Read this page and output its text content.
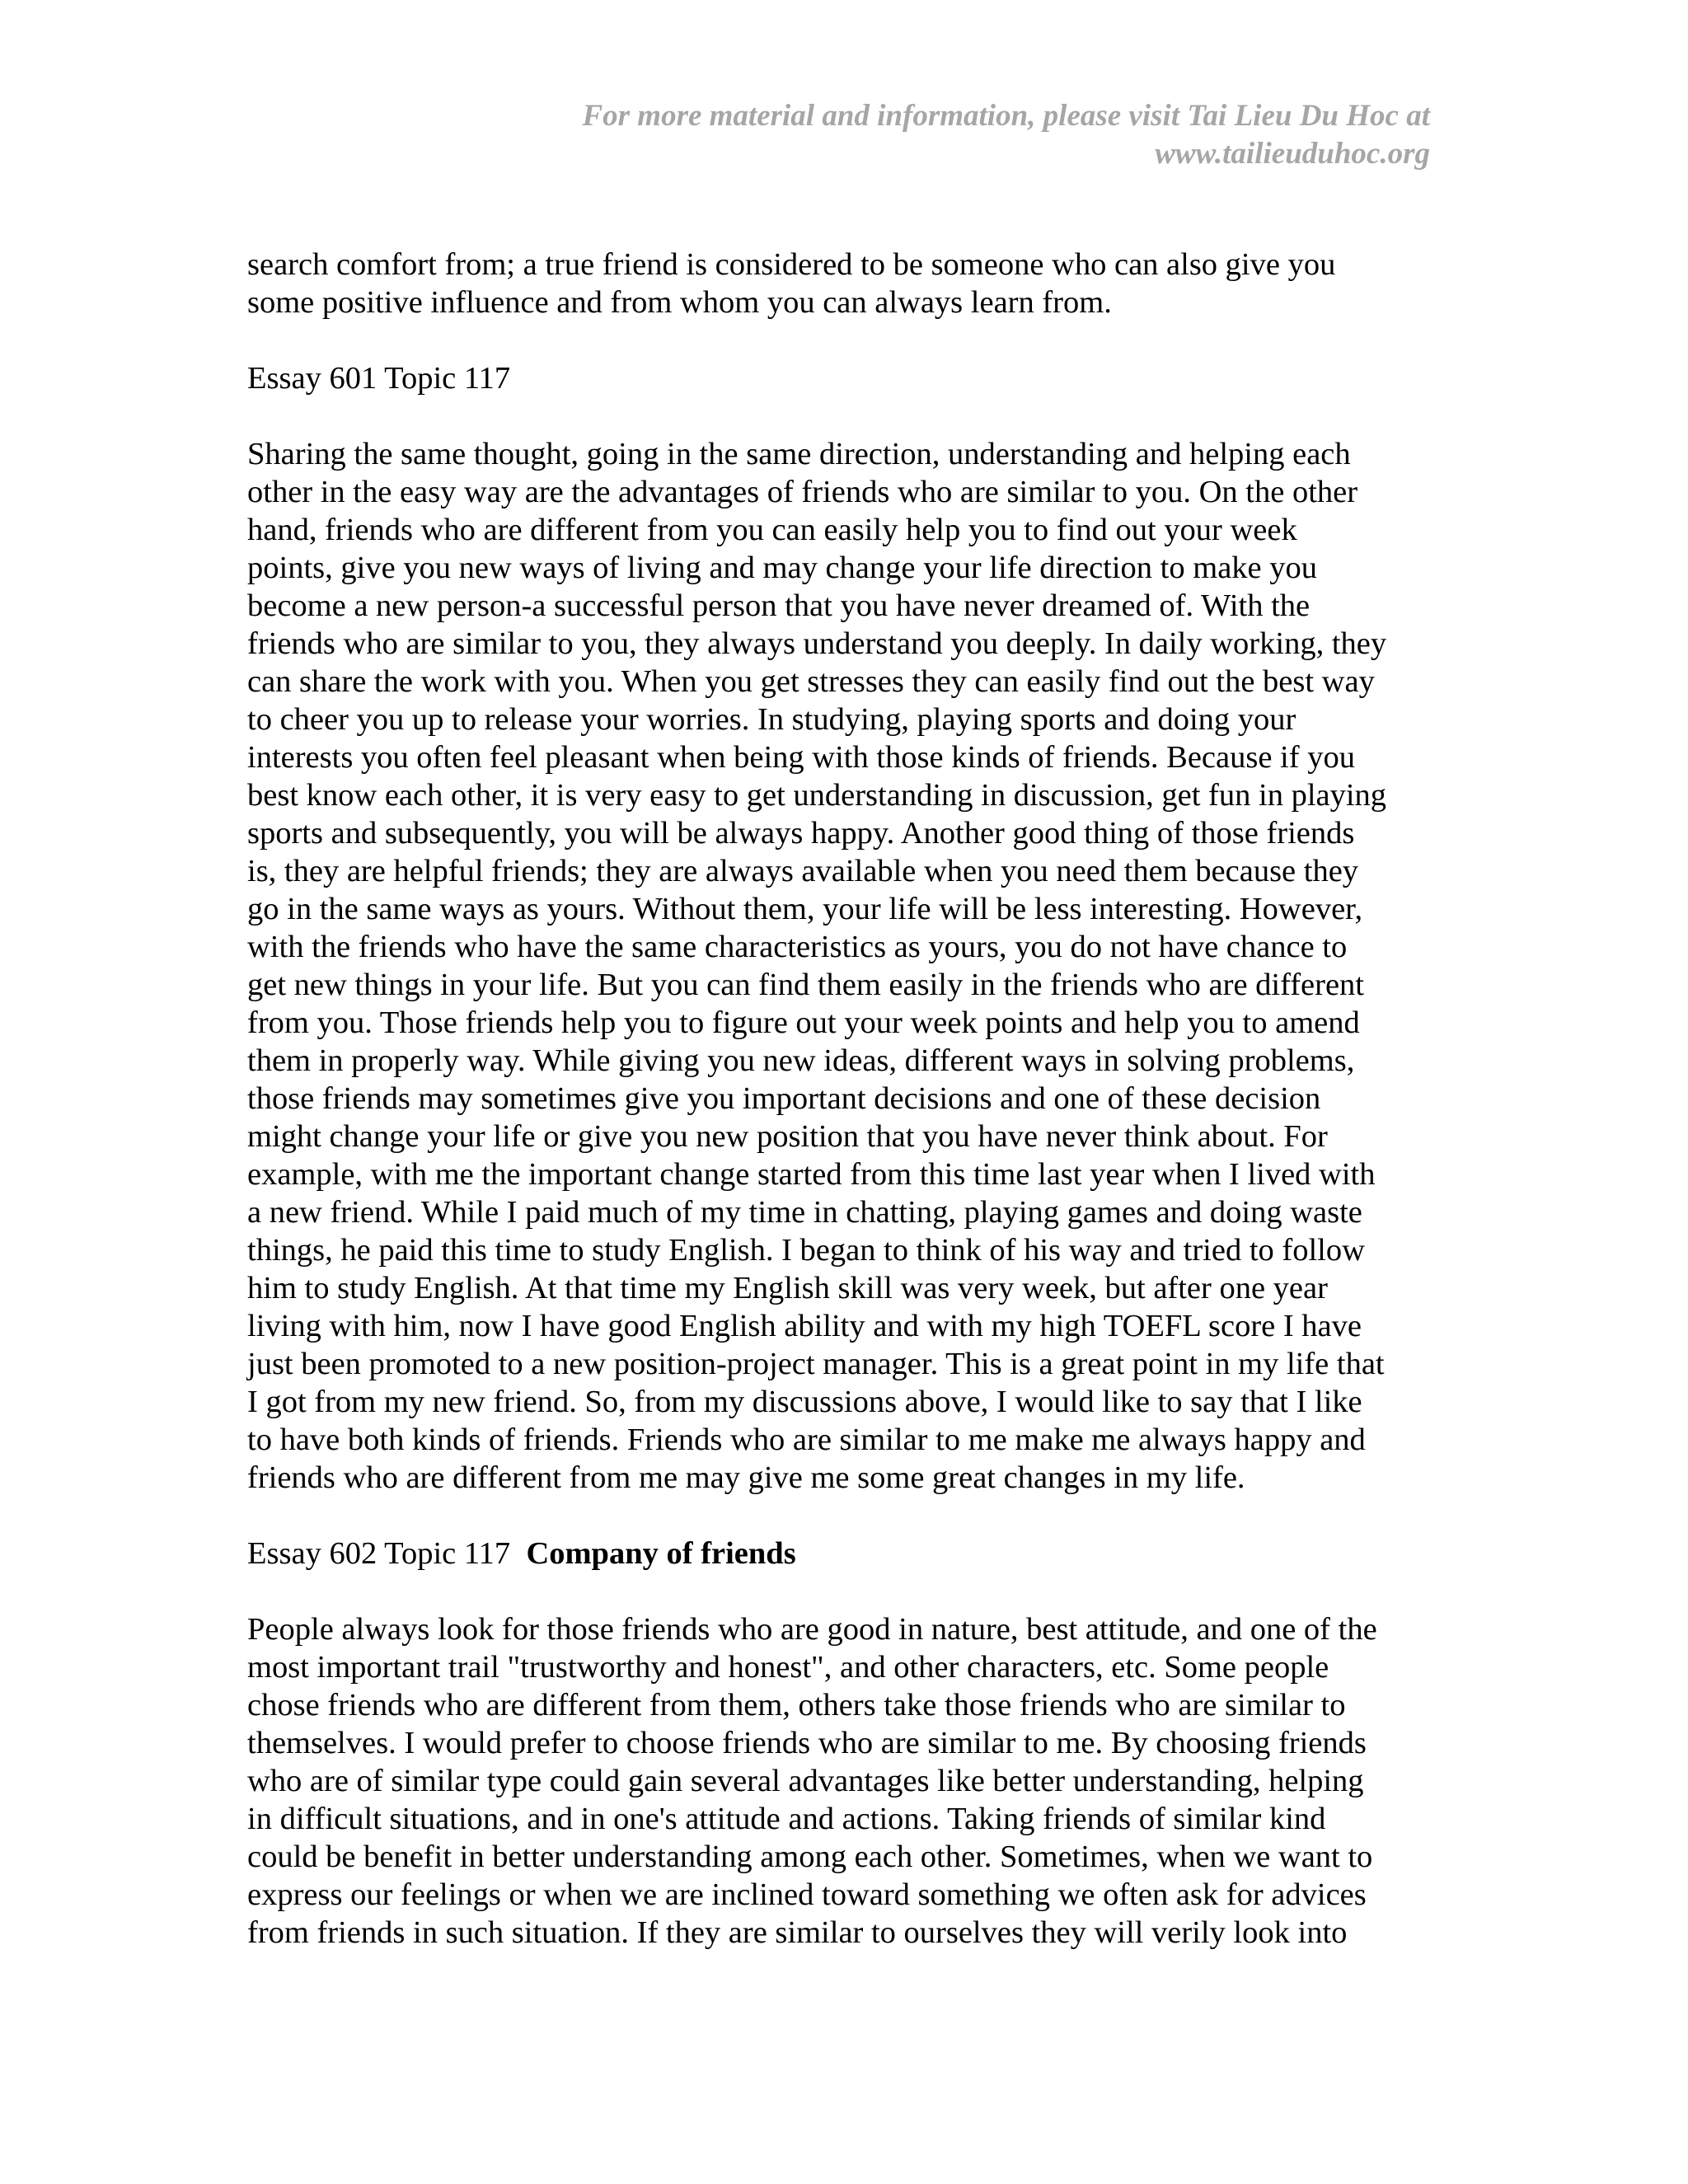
For more material and information, please visit Tai Lieu Du Hoc at
www.tailieuduhoc.org
search comfort from; a true friend is considered to be someone who can also give you
some positive influence and from whom you can always learn from.
Essay 601 Topic 117
Sharing the same thought, going in the same direction, understanding and helping each
other in the easy way are the advantages of friends who are similar to you. On the other
hand, friends who are different from you can easily help you to find out your week
points, give you new ways of living and may change your life direction to make you
become a new person-a successful person that you have never dreamed of. With the
friends who are similar to you, they always understand you deeply. In daily working, they
can share the work with you. When you get stresses they can easily find out the best way
to cheer you up to release your worries. In studying, playing sports and doing your
interests you often feel pleasant when being with those kinds of friends. Because if you
best know each other, it is very easy to get understanding in discussion, get fun in playing
sports and subsequently, you will be always happy. Another good thing of those friends
is, they are helpful friends; they are always available when you need them because they
go in the same ways as yours. Without them, your life will be less interesting. However,
with the friends who have the same characteristics as yours, you do not have chance to
get new things in your life. But you can find them easily in the friends who are different
from you. Those friends help you to figure out your week points and help you to amend
them in properly way. While giving you new ideas, different ways in solving problems,
those friends may sometimes give you important decisions and one of these decision
might change your life or give you new position that you have never think about. For
example, with me the important change started from this time last year when I lived with
a new friend. While I paid much of my time in chatting, playing games and doing waste
things, he paid this time to study English. I began to think of his way and tried to follow
him to study English. At that time my English skill was very week, but after one year
living with him, now I have good English ability and with my high TOEFL score I have
just been promoted to a new position-project manager. This is a great point in my life that
I got from my new friend. So, from my discussions above, I would like to say that I like
to have both kinds of friends. Friends who are similar to me make me always happy and
friends who are different from me may give me some great changes in my life.
Essay 602 Topic 117 Company of friends
People always look for those friends who are good in nature, best attitude, and one of the
most important trail "trustworthy and honest", and other characters, etc. Some people
chose friends who are different from them, others take those friends who are similar to
themselves. I would prefer to choose friends who are similar to me. By choosing friends
who are of similar type could gain several advantages like better understanding, helping
in difficult situations, and in one's attitude and actions. Taking friends of similar kind
could be benefit in better understanding among each other. Sometimes, when we want to
express our feelings or when we are inclined toward something we often ask for advices
from friends in such situation. If they are similar to ourselves they will verily look into
